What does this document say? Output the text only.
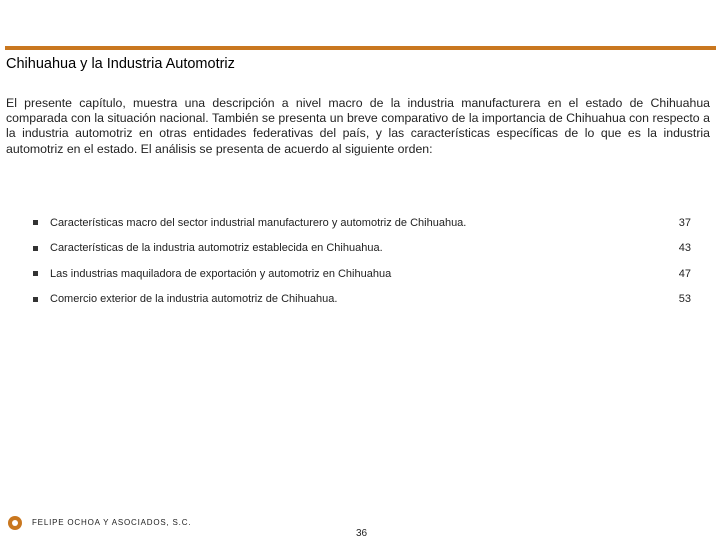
Chihuahua y la Industria Automotriz

El presente capítulo, muestra una descripción a nivel macro de la industria manufacturera en el estado de Chihuahua comparada con la situación nacional. También se presenta un breve comparativo de la importancia de Chihuahua con respecto a la industria automotriz en otras entidades federativas del país, y las características específicas de lo que es la industria automotriz en el estado. El análisis se presenta de acuerdo al siguiente orden:

Características macro del sector industrial manufacturero y automotriz de Chihuahua.	37
Características de la industria automotriz establecida en Chihuahua.	43
Las industrias maquiladora de exportación y automotriz en Chihuahua	47
Comercio exterior de la industria automotriz de Chihuahua.	53
FELIPE OCHOA Y ASOCIADOS, S.C.
36
